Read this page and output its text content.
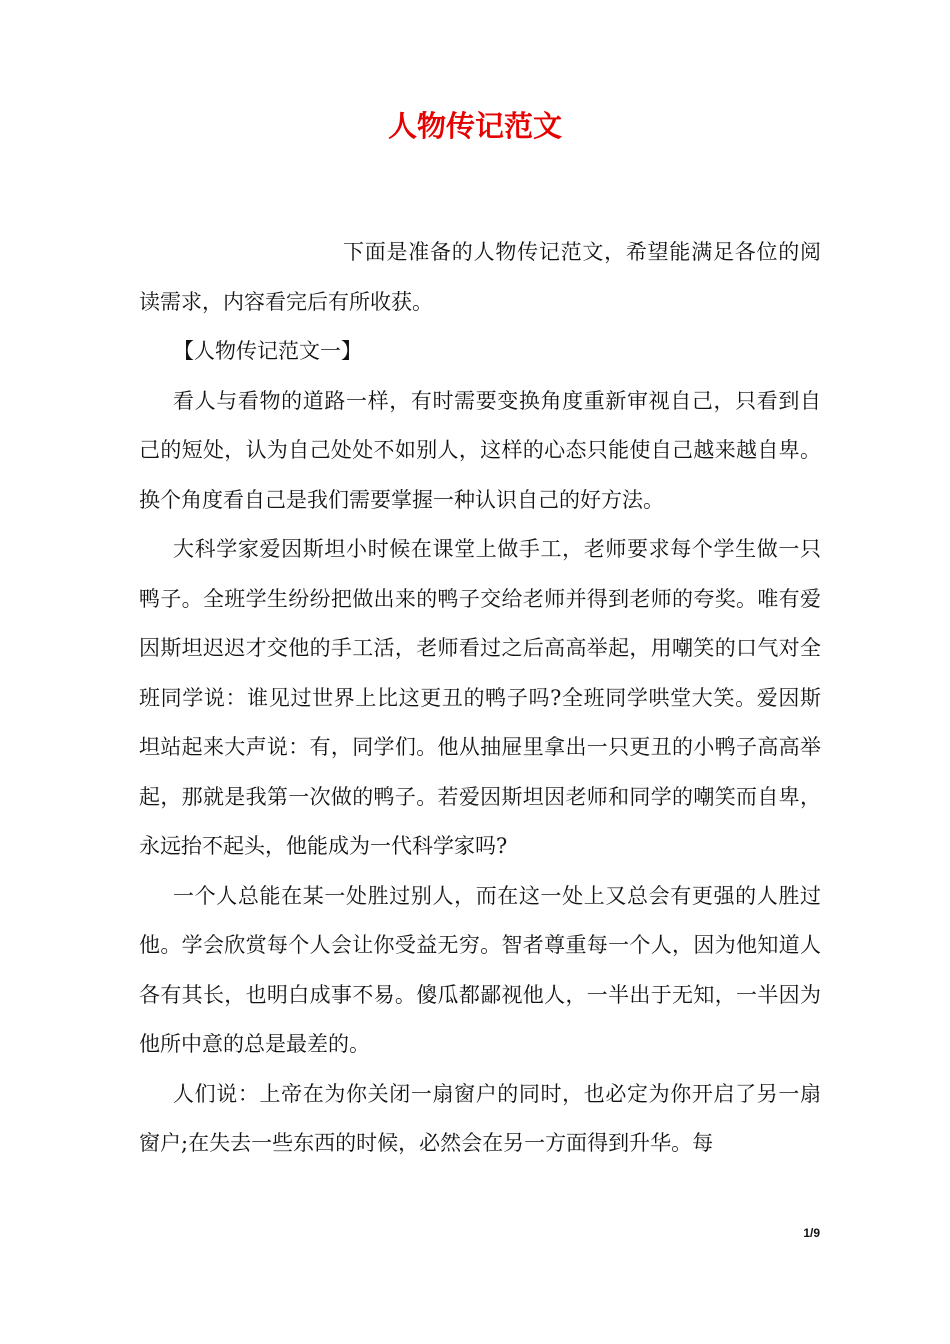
人物传记范文

下面是准备的人物传记范文，希望能满足各位的阅读需求，内容看完后有所收获。

【人物传记范文一】

看人与看物的道路一样，有时需要变换角度重新审视自己，只看到自己的短处，认为自己处处不如别人，这样的心态只能使自己越来越自卑。换个角度看自己是我们需要掌握一种认识自己的好方法。

大科学家爱因斯坦小时候在课堂上做手工，老师要求每个学生做一只鸭子。全班学生纷纷把做出来的鸭子交给老师并得到老师的夸奖。唯有爱因斯坦迟迟才交他的手工活，老师看过之后高高举起，用嘲笑的口气对全班同学说：谁见过世界上比这更丑的鸭子吗?全班同学哄堂大笑。爱因斯坦站起来大声说：有，同学们。他从抽屉里拿出一只更丑的小鸭子高高举起，那就是我第一次做的鸭子。若爱因斯坦因老师和同学的嘲笑而自卑，永远抬不起头，他能成为一代科学家吗?

一个人总能在某一处胜过别人，而在这一处上又总会有更强的人胜过他。学会欣赏每个人会让你受益无穷。智者尊重每一个人，因为他知道人各有其长，也明白成事不易。傻瓜都鄙视他人，一半出于无知，一半因为他所中意的总是最差的。

人们说：上帝在为你关闭一扇窗户的同时，也必定为你开启了另一扇窗户;在失去一些东西的时候，必然会在另一方面得到升华。每

1/9
